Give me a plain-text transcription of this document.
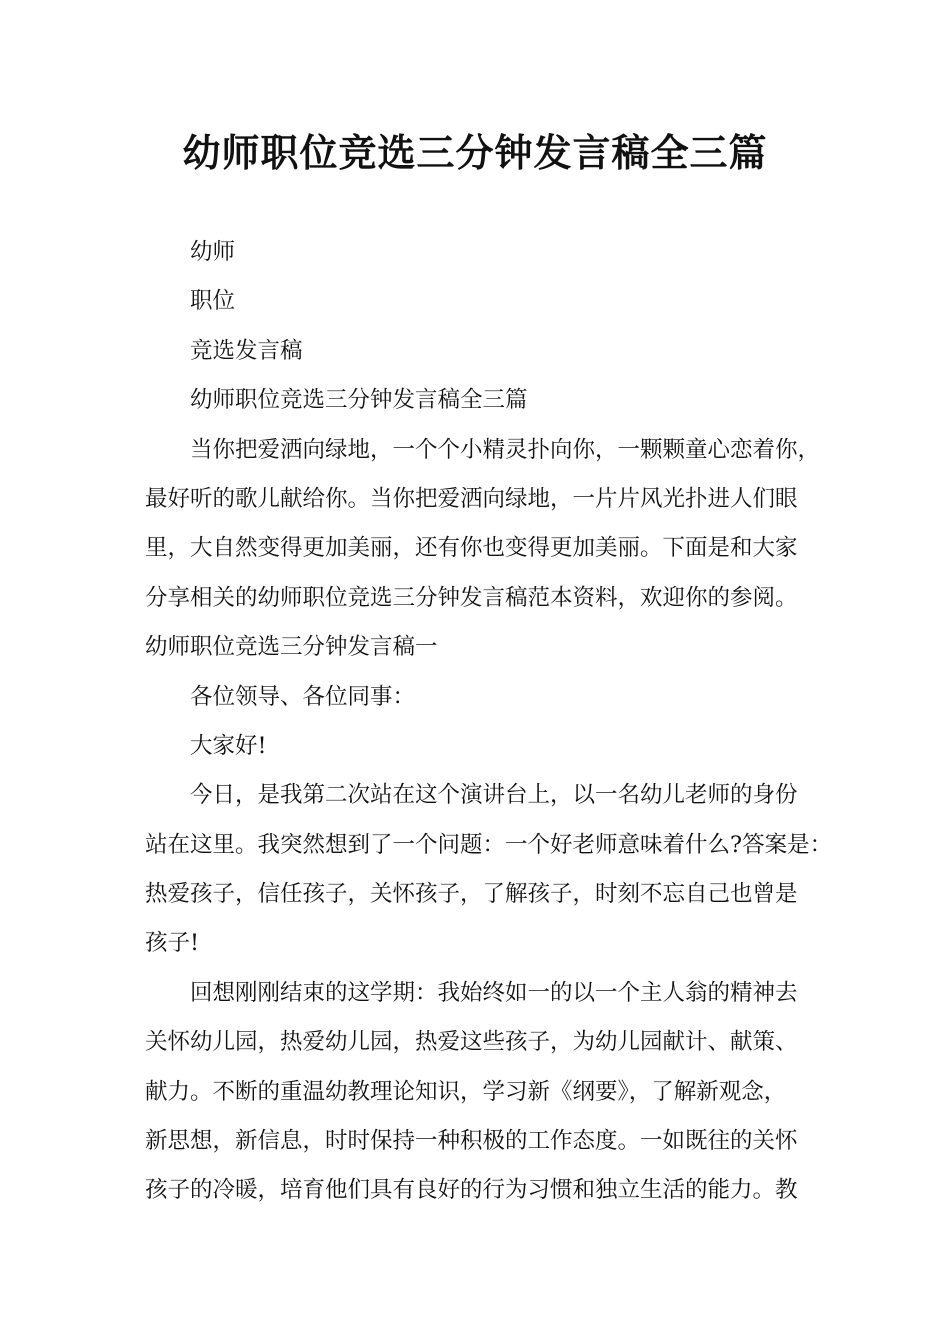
幼师职位竞选三分钟发言稿全三篇
幼师
职位
竞选发言稿
幼师职位竞选三分钟发言稿全三篇
当你把爱洒向绿地，一个个小精灵扑向你，一颗颗童心恋着你，
最好听的歌儿献给你。当你把爱洒向绿地，一片片风光扑进人们眼
里，大自然变得更加美丽，还有你也变得更加美丽。下面是和大家
分享相关的幼师职位竞选三分钟发言稿范本资料，欢迎你的参阅。
幼师职位竞选三分钟发言稿一
各位领导、各位同事：
大家好!
今日，是我第二次站在这个演讲台上，以一名幼儿老师的身份
站在这里。我突然想到了一个问题：一个好老师意味着什么?答案是：
热爱孩子，信任孩子，关怀孩子，了解孩子，时刻不忘自己也曾是
孩子!
回想刚刚结束的这学期：我始终如一的以一个主人翁的精神去
关怀幼儿园，热爱幼儿园，热爱这些孩子，为幼儿园献计、献策、
献力。不断的重温幼教理论知识，学习新《纲要》，了解新观念，
新思想，新信息，时时保持一种积极的工作态度。一如既往的关怀
孩子的冷暖，培育他们具有良好的行为习惯和独立生活的能力。教
